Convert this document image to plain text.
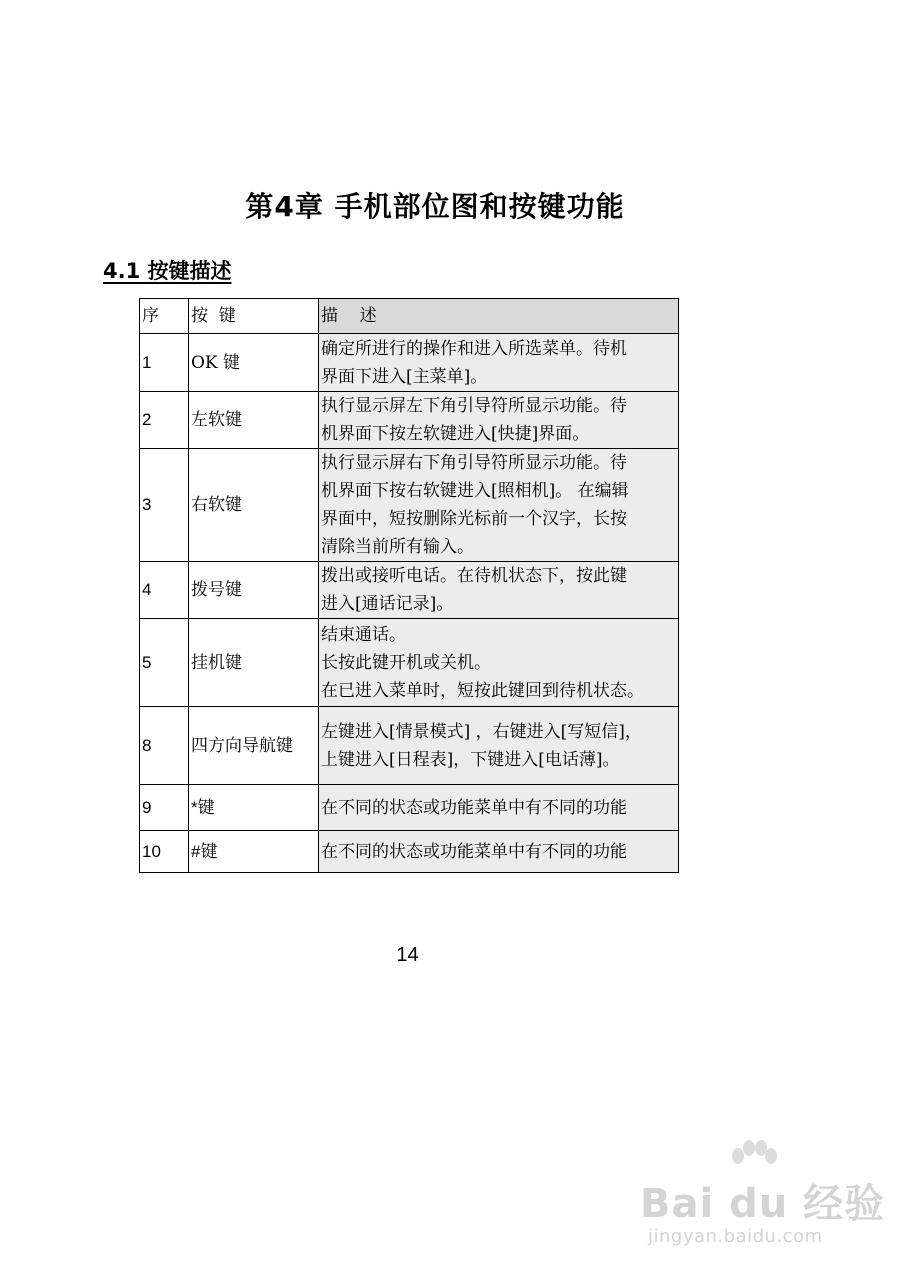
第4章 手机部位图和按键功能
4.1 按键描述
序	按  键	描    述
1	OK 键	确定所进行的操作和进入所选菜单。待机
界面下进入[主菜单]。
2	左软键	执行显示屏左下角引导符所显示功能。待
机界面下按左软键进入[快捷]界面。
3	右软键	执行显示屏右下角引导符所显示功能。待
机界面下按右软键进入[照相机]。 在编辑
界面中，短按删除光标前一个汉字，长按
清除当前所有输入。
4	拨号键	拨出或接听电话。在待机状态下，按此键
进入[通话记录]。
5	挂机键	结束通话。
长按此键开机或关机。
在已进入菜单时，短按此键回到待机状态。
8	四方向导航键	左键进入[情景模式] ，右键进入[写短信]，
上键进入[日程表]，下键进入[电话薄]。
9	*键	在不同的状态或功能菜单中有不同的功能
10	#键	在不同的状态或功能菜单中有不同的功能
14
Bai du 经验
jingyan.baidu.com
